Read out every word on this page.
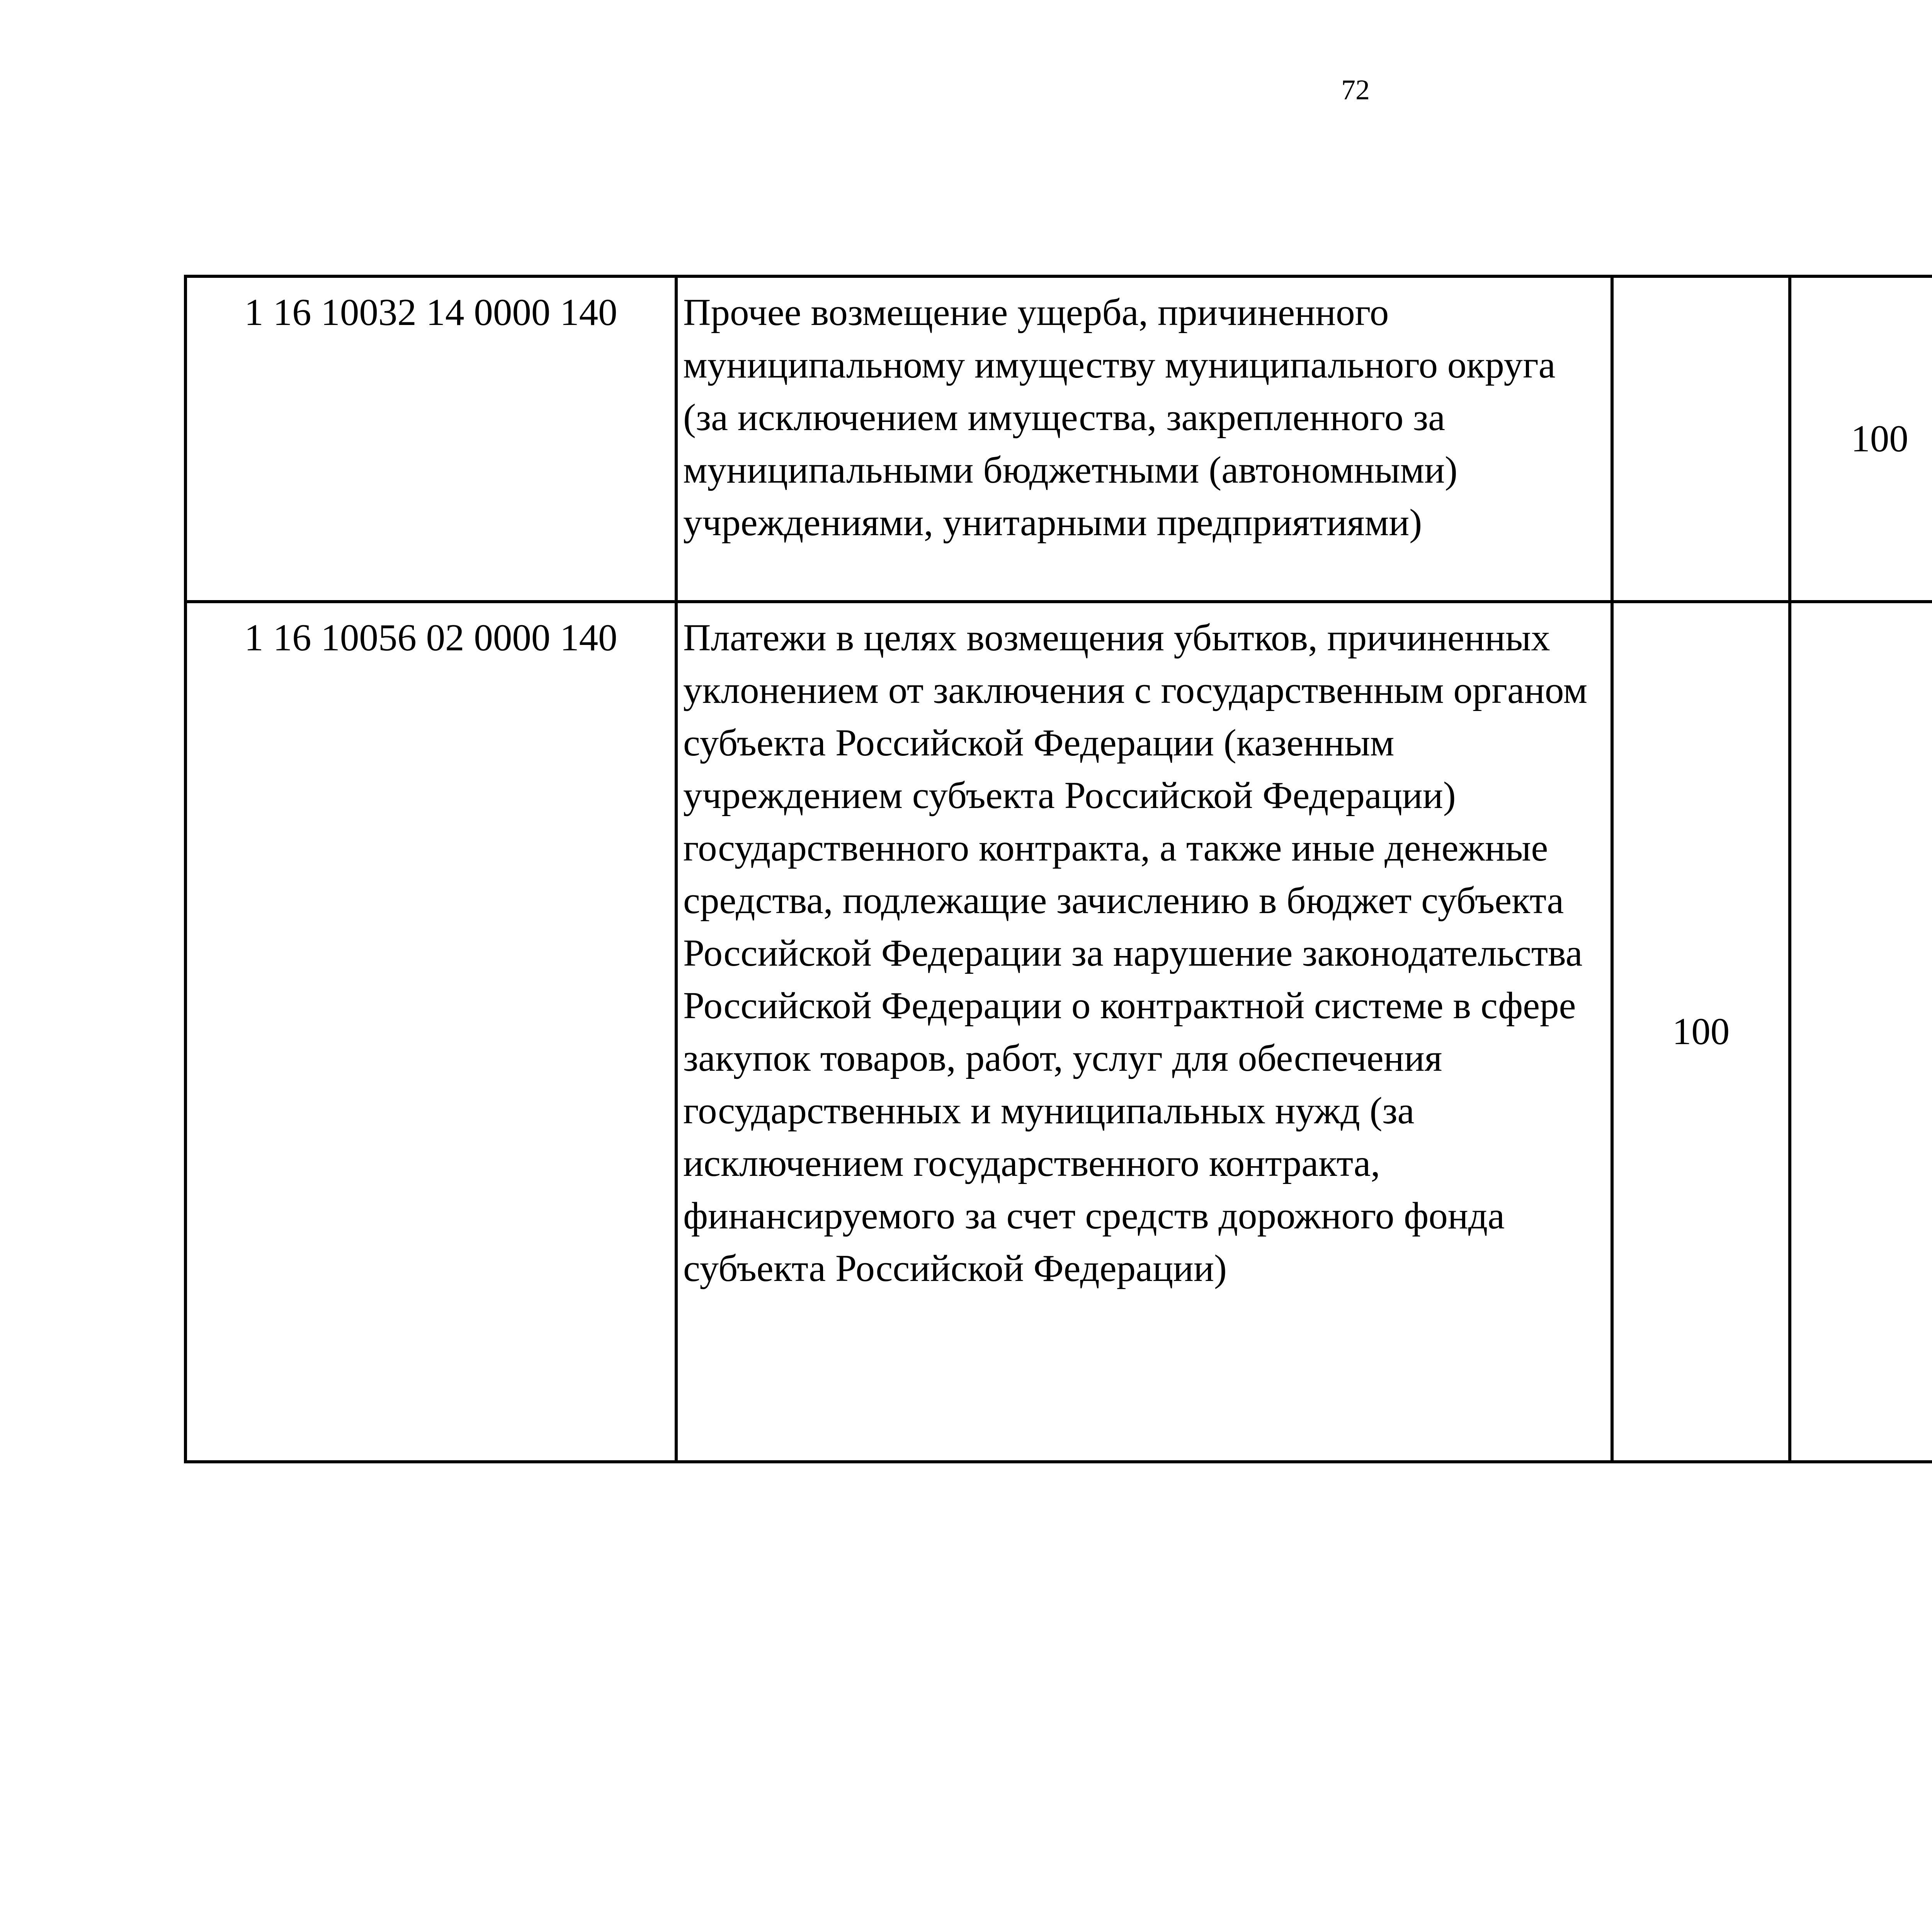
72
1 16 10032 14 0000 140	Прочее возмещение ущерба, причиненного муниципальному имуществу муниципального округа (за исключением имущества, закрепленного за муниципальными бюджетными (автономными) учреждениями, унитарными предприятиями)		100			
1 16 10056 02 0000 140	Платежи в целях возмещения убытков, причиненных уклонением от заключения с государственным органом субъекта Российской Федерации (казенным учреждением субъекта Российской Федерации) государственного контракта, а также иные денежные средства, подлежащие зачислению в бюджет субъекта Российской Федерации за нарушение законодательства Российской Федерации о контрактной системе в сфере закупок товаров, работ, услуг для обеспечения государственных и муниципальных нужд (за исключением государственного контракта, финансируемого за счет средств дорожного фонда субъекта Российской Федерации)	100				
